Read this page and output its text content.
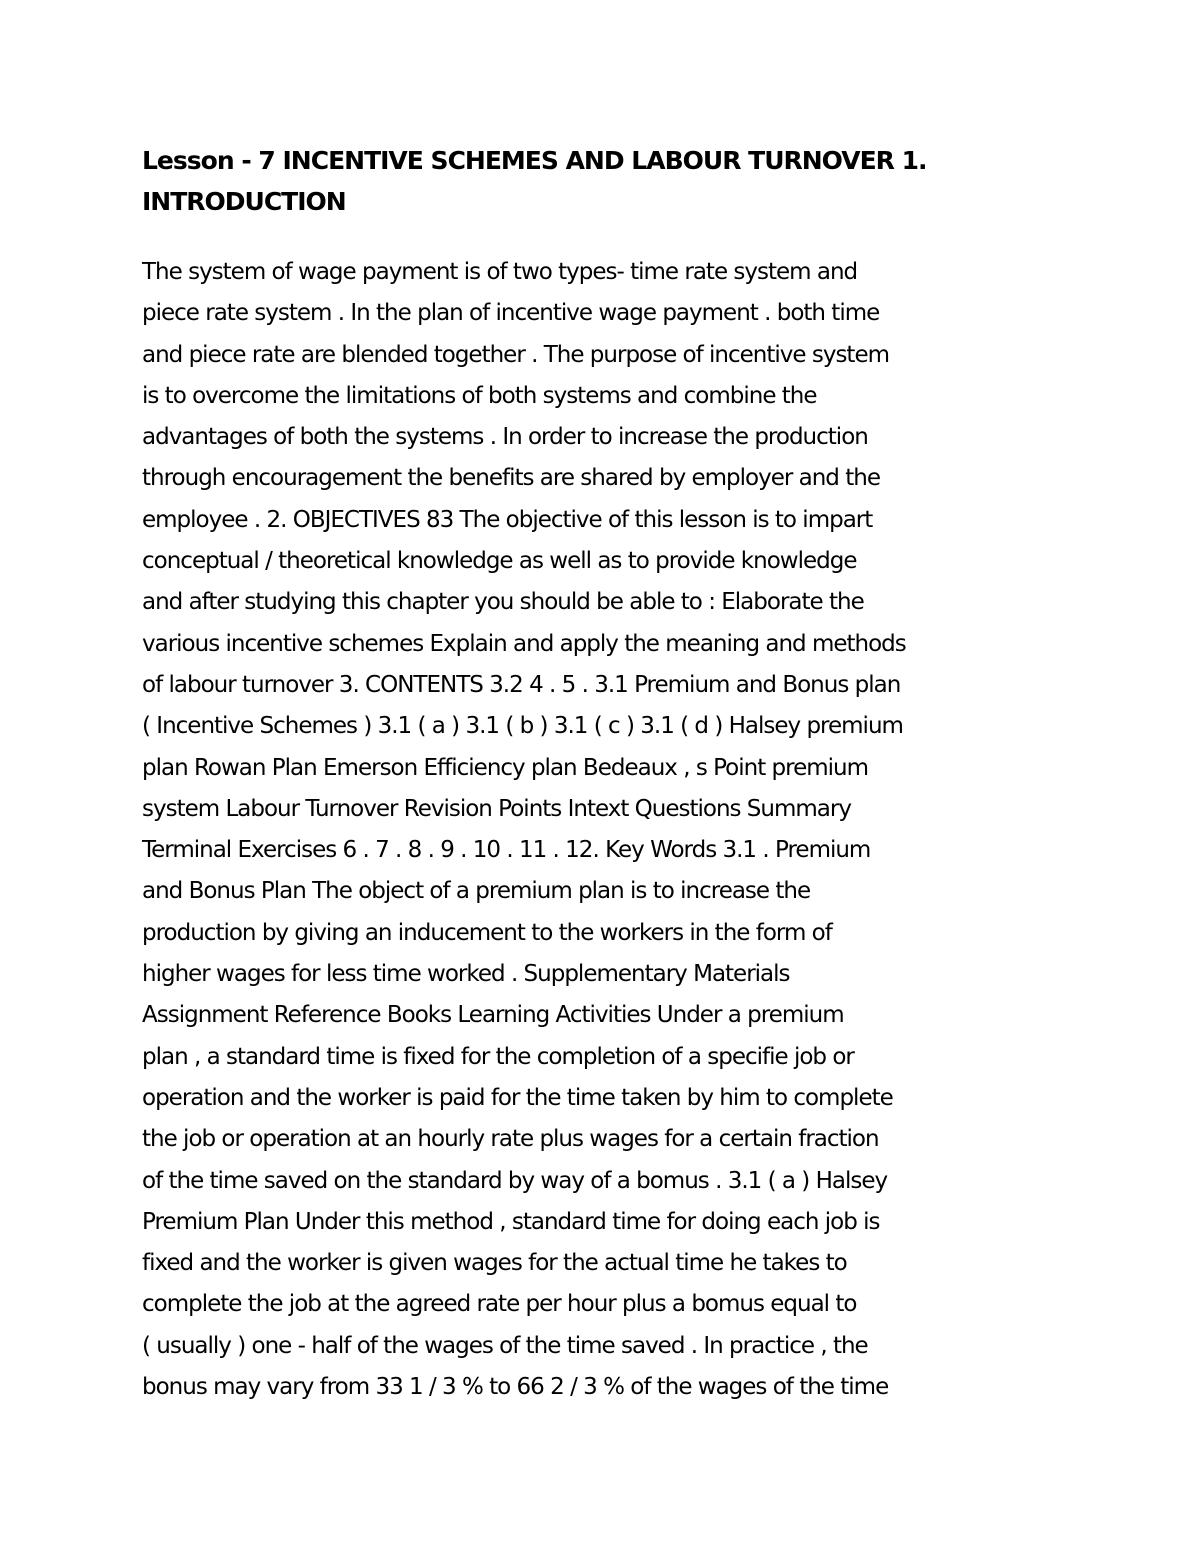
Lesson - 7 INCENTIVE SCHEMES AND LABOUR TURNOVER 1.
INTRODUCTION
The system of wage payment is of two types- time rate system and
piece rate system . In the plan of incentive wage payment . both time
and piece rate are blended together . The purpose of incentive system
is to overcome the limitations of both systems and combine the
advantages of both the systems . In order to increase the production
through encouragement the benefits are shared by employer and the
employee . 2. OBJECTIVES 83 The objective of this lesson is to impart
conceptual / theoretical knowledge as well as to provide knowledge
and after studying this chapter you should be able to : Elaborate the
various incentive schemes Explain and apply the meaning and methods
of labour turnover 3. CONTENTS 3.2 4 . 5 . 3.1 Premium and Bonus plan
( Incentive Schemes ) 3.1 ( a ) 3.1 ( b ) 3.1 ( c ) 3.1 ( d ) Halsey premium
plan Rowan Plan Emerson Efficiency plan Bedeaux , s Point premium
system Labour Turnover Revision Points Intext Questions Summary
Terminal Exercises 6 . 7 . 8 . 9 . 10 . 11 . 12. Key Words 3.1 . Premium
and Bonus Plan The object of a premium plan is to increase the
production by giving an inducement to the workers in the form of
higher wages for less time worked . Supplementary Materials
Assignment Reference Books Learning Activities Under a premium
plan , a standard time is fixed for the completion of a specifie job or
operation and the worker is paid for the time taken by him to complete
the job or operation at an hourly rate plus wages for a certain fraction
of the time saved on the standard by way of a bomus . 3.1 ( a ) Halsey
Premium Plan Under this method , standard time for doing each job is
fixed and the worker is given wages for the actual time he takes to
complete the job at the agreed rate per hour plus a bomus equal to
( usually ) one - half of the wages of the time saved . In practice , the
bonus may vary from 33 1 / 3 % to 66 2 / 3 % of the wages of the time
